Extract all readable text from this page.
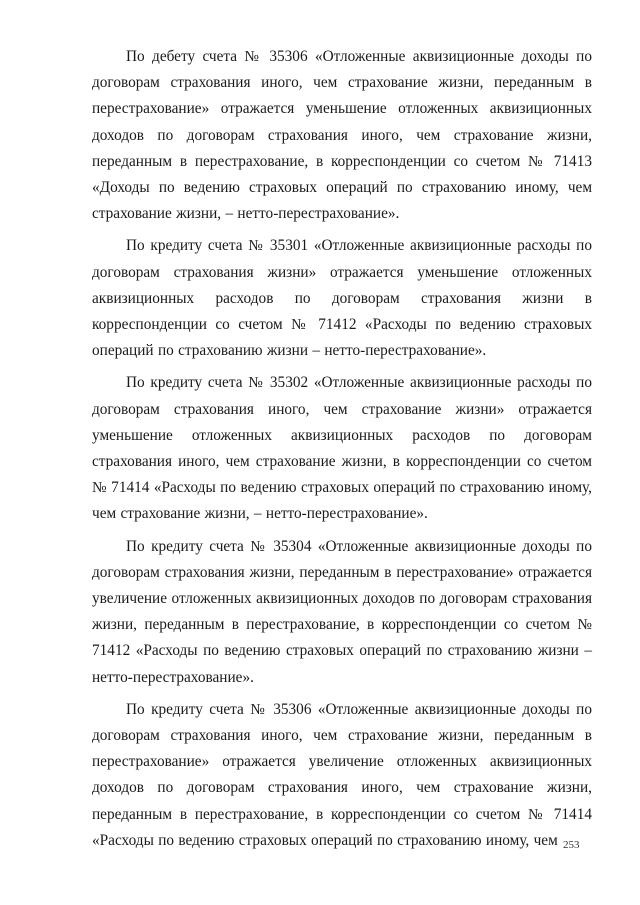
По дебету счета № 35306 «Отложенные аквизиционные доходы по договорам страхования иного, чем страхование жизни, переданным в перестрахование» отражается уменьшение отложенных аквизиционных доходов по договорам страхования иного, чем страхование жизни, переданным в перестрахование, в корреспонденции со счетом № 71413 «Доходы по ведению страховых операций по страхованию иному, чем страхование жизни, – нетто-перестрахование».

По кредиту счета № 35301 «Отложенные аквизиционные расходы по договорам страхования жизни» отражается уменьшение отложенных аквизиционных расходов по договорам страхования жизни в корреспонденции со счетом № 71412 «Расходы по ведению страховых операций по страхованию жизни – нетто-перестрахование».

По кредиту счета № 35302 «Отложенные аквизиционные расходы по договорам страхования иного, чем страхование жизни» отражается уменьшение отложенных аквизиционных расходов по договорам страхования иного, чем страхование жизни, в корреспонденции со счетом № 71414 «Расходы по ведению страховых операций по страхованию иному, чем страхование жизни, – нетто-перестрахование».

По кредиту счета № 35304 «Отложенные аквизиционные доходы по договорам страхования жизни, переданным в перестрахование» отражается увеличение отложенных аквизиционных доходов по договорам страхования жизни, переданным в перестрахование, в корреспонденции со счетом № 71412 «Расходы по ведению страховых операций по страхованию жизни – нетто-перестрахование».

По кредиту счета № 35306 «Отложенные аквизиционные доходы по договорам страхования иного, чем страхование жизни, переданным в перестрахование» отражается увеличение отложенных аквизиционных доходов по договорам страхования иного, чем страхование жизни, переданным в перестрахование, в корреспонденции со счетом № 71414 «Расходы по ведению страховых операций по страхованию иному, чем 253
